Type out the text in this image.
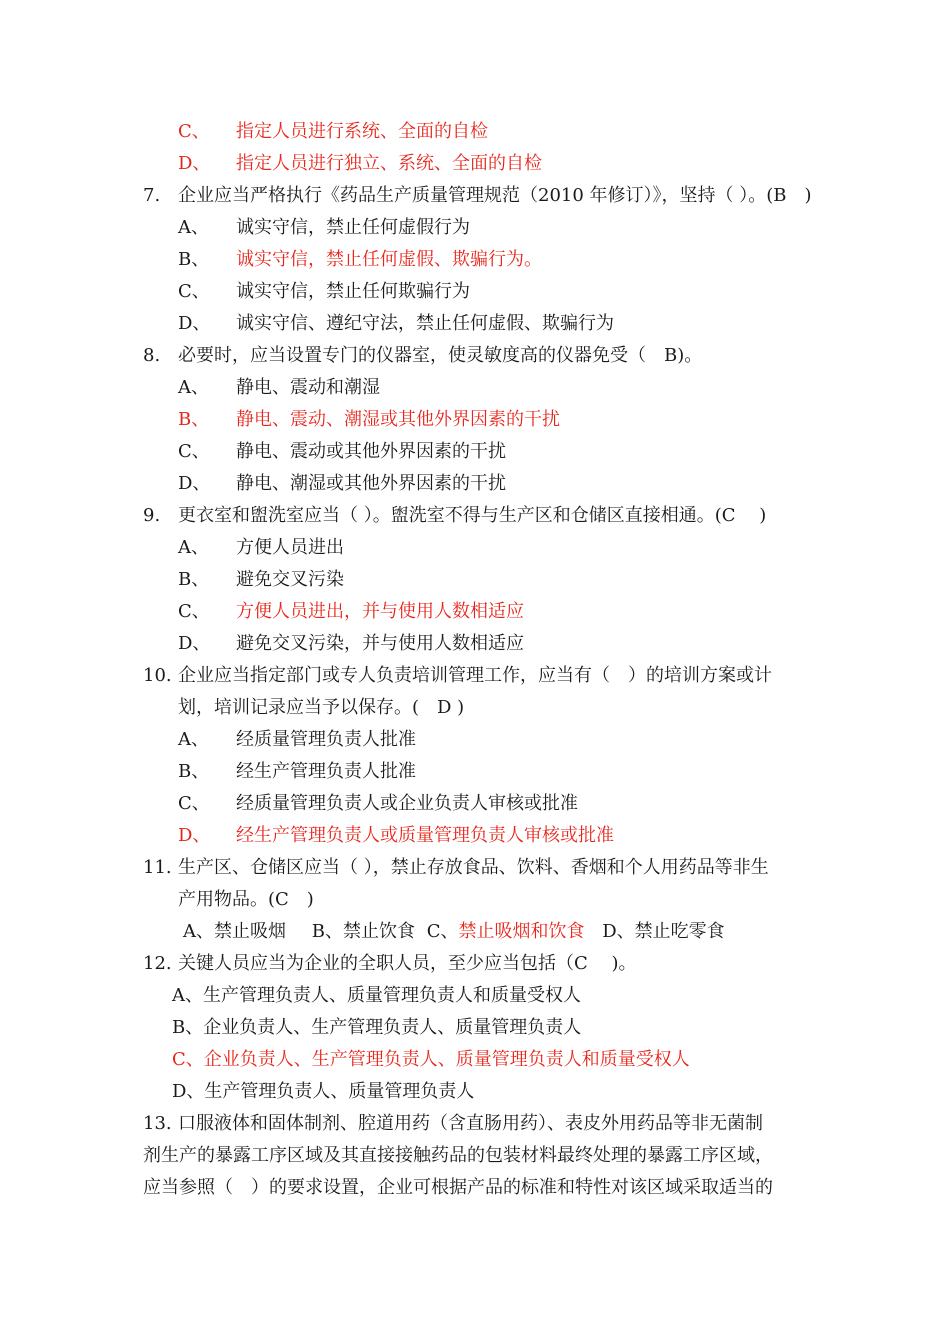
C、 指定人员进行系统、全面的自检
D、 指定人员进行独立、系统、全面的自检
7. 企业应当严格执行《药品生产质量管理规范（2010 年修订）》，坚持（ ）。(B　)
A、 诚实守信，禁止任何虚假行为
B、 诚实守信，禁止任何虚假、欺骗行为。
C、 诚实守信，禁止任何欺骗行为
D、 诚实守信、遵纪守法，禁止任何虚假、欺骗行为
8. 必要时，应当设置专门的仪器室，使灵敏度高的仪器免受（　B)。
A、 静电、震动和潮湿
B、 静电、震动、潮湿或其他外界因素的干扰
C、 静电、震动或其他外界因素的干扰
D、 静电、潮湿或其他外界因素的干扰
9. 更衣室和盥洗室应当（ ）。盥洗室不得与生产区和仓储区直接相通。(C　 )
A、 方便人员进出
B、 避免交叉污染
C、 方便人员进出，并与使用人数相适应
D、 避免交叉污染，并与使用人数相适应
10. 企业应当指定部门或专人负责培训管理工作，应当有（　）的培训方案或计
划，培训记录应当予以保存。(　D )
A、 经质量管理负责人批准
B、 经生产管理负责人批准
C、 经质量管理负责人或企业负责人审核或批准
D、 经生产管理负责人或质量管理负责人审核或批准
11. 生产区、仓储区应当（ ），禁止存放食品、饮料、香烟和个人用药品等非生
产用物品。(C　)
A、禁止吸烟 B、禁止饮食 C、禁止吸烟和饮食 D、禁止吃零食
12. 关键人员应当为企业的全职人员，至少应当包括（C　 )。
A、生产管理负责人、质量管理负责人和质量受权人
B、企业负责人、生产管理负责人、质量管理负责人
C、企业负责人、生产管理负责人、质量管理负责人和质量受权人
D、生产管理负责人、质量管理负责人
13. 口服液体和固体制剂、腔道用药（含直肠用药）、表皮外用药品等非无菌制
剂生产的暴露工序区域及其直接接触药品的包装材料最终处理的暴露工序区域，
应当参照（　）的要求设置，企业可根据产品的标准和特性对该区域采取适当的
